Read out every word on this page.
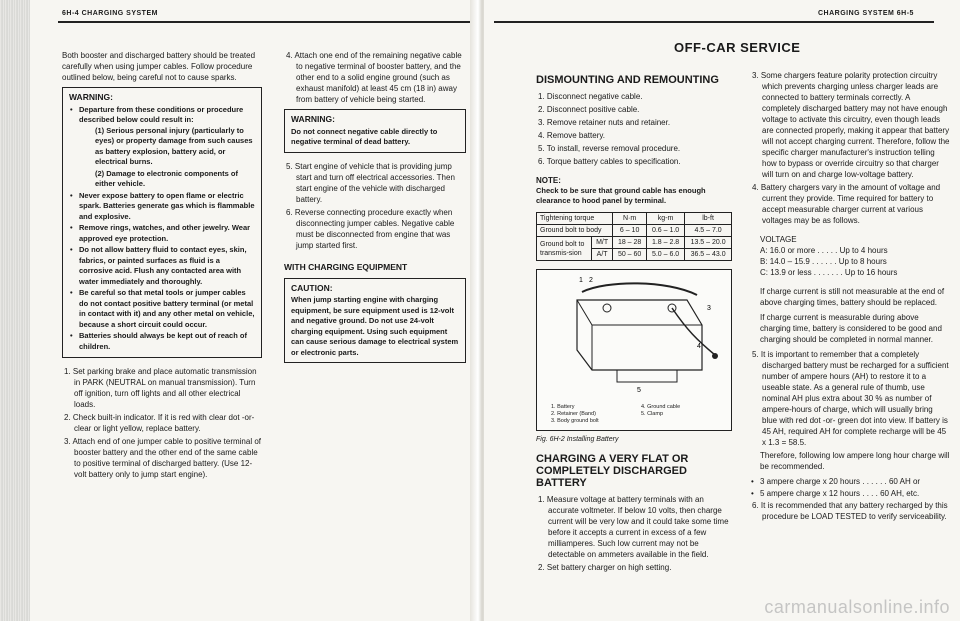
6H-4 CHARGING SYSTEM

Both booster and discharged battery should be treated carefully when using jumper cables. Follow procedure outlined below, being careful not to cause sparks.

WARNING:
• Departure from these conditions or procedure described below could result in:
(1) Serious personal injury (particularly to eyes) or property damage from such causes as battery explosion, battery acid, or electrical burns.
(2) Damage to electronic components of either vehicle.
• Never expose battery to open flame or electric spark. Batteries generate gas which is flammable and explosive.
• Remove rings, watches, and other jewelry. Wear approved eye protection.
• Do not allow battery fluid to contact eyes, skin, fabrics, or painted surfaces as fluid is a corrosive acid. Flush any contacted area with water immediately and thoroughly.
• Be careful so that metal tools or jumper cables do not contact positive battery terminal (or metal in contact with it) and any other metal on vehicle, because a short circuit could occur.
• Batteries should always be kept out of reach of children.
1. Set parking brake and place automatic transmission in PARK (NEUTRAL on manual transmission). Turn off ignition, turn off lights and all other electrical loads.
2. Check built-in indicator. If it is red with clear dot -or- clear or light yellow, replace battery.
3. Attach end of one jumper cable to positive terminal of booster battery and the other end of the same cable to positive terminal of discharged battery. (Use 12-volt battery only to jump start engine).
4. Attach one end of the remaining negative cable to negative terminal of booster battery, and the other end to a solid engine ground (such as exhaust manifold) at least 45 cm (18 in) away from battery of vehicle being started.
WARNING:
Do not connect negative cable directly to negative terminal of dead battery.
5. Start engine of vehicle that is providing jump start and turn off electrical accessories. Then start engine of the vehicle with discharged battery.
6. Reverse connecting procedure exactly when disconnecting jumper cables. Negative cable must be disconnected from engine that was jump started first.
WITH CHARGING EQUIPMENT
CAUTION:
When jump starting engine with charging equipment, be sure equipment used is 12-volt and negative ground. Do not use 24-volt charging equipment. Using such equipment can cause serious damage to electrical system or electronic parts.
CHARGING SYSTEM 6H-5
OFF-CAR SERVICE
DISMOUNTING AND REMOUNTING
1. Disconnect negative cable.
2. Disconnect positive cable.
3. Remove retainer nuts and retainer.
4. Remove battery.
5. To install, reverse removal procedure.
6. Torque battery cables to specification.
NOTE:
Check to be sure that ground cable has enough clearance to hood panel by terminal.
Tightening torque		N·m	kg-m	lb-ft
Ground bolt to body		6 – 10	0.6 – 1.0	4.5 – 7.0
Ground bolt to transmis-sion	M/T	18 – 28	1.8 – 2.8	13.5 – 20.0
	A/T	50 – 60	5.0 – 6.0	36.5 – 43.0
1 2
3
4
5
1. Battery
2. Retainer (Band)
3. Body ground bolt
4. Ground cable
5. Clamp
Fig. 6H-2 Installing Battery
CHARGING A VERY FLAT OR COMPLETELY DISCHARGED BATTERY
1. Measure voltage at battery terminals with an accurate voltmeter. If below 10 volts, then charge current will be very low and it could take some time before it accepts a current in excess of a few milliamperes. Such low current may not be detectable on ammeters available in the field.
2. Set battery charger on high setting.
3. Some chargers feature polarity protection circuitry which prevents charging unless charger leads are connected to battery terminals correctly. A completely discharged battery may not have enough voltage to activate this circuitry, even though leads are connected properly, making it appear that battery will not accept charging current. Therefore, follow the specific charger manufacturer's instruction telling how to bypass or override circuitry so that charger will turn on and charge low-voltage battery.
4. Battery chargers vary in the amount of voltage and current they provide. Time required for battery to accept measurable charger current at various voltages may be as follows.
VOLTAGE
A: 16.0 or more . . . . . Up to 4 hours
B: 14.0 – 15.9 . . . . . . Up to 8 hours
C: 13.9 or less . . . . . . . Up to 16 hours

If charge current is still not measurable at the end of above charging times, battery should be replaced.

If charge current is measurable during above charging time, battery is considered to be good and charging should be completed in normal manner.

5. It is important to remember that a completely discharged battery must be recharged for a sufficient number of ampere hours (AH) to restore it to a useable state. As a general rule of thumb, use nominal AH plus extra about 30 % as number of ampere-hours of charge, which will usually bring blue with red dot -or- green dot into view. If battery is 45 AH, required AH for complete recharge will be 45 x 1.3 = 58.5.

Therefore, following low ampere long hour charge will be recommended.

• 3 ampere charge x 20 hours . . . . . . 60 AH or
• 5 ampere charge x 12 hours . . . . 60 AH, etc.
6. It is recommended that any battery recharged by this procedure be LOAD TESTED to verify serviceability.
carmanualsonline.info
